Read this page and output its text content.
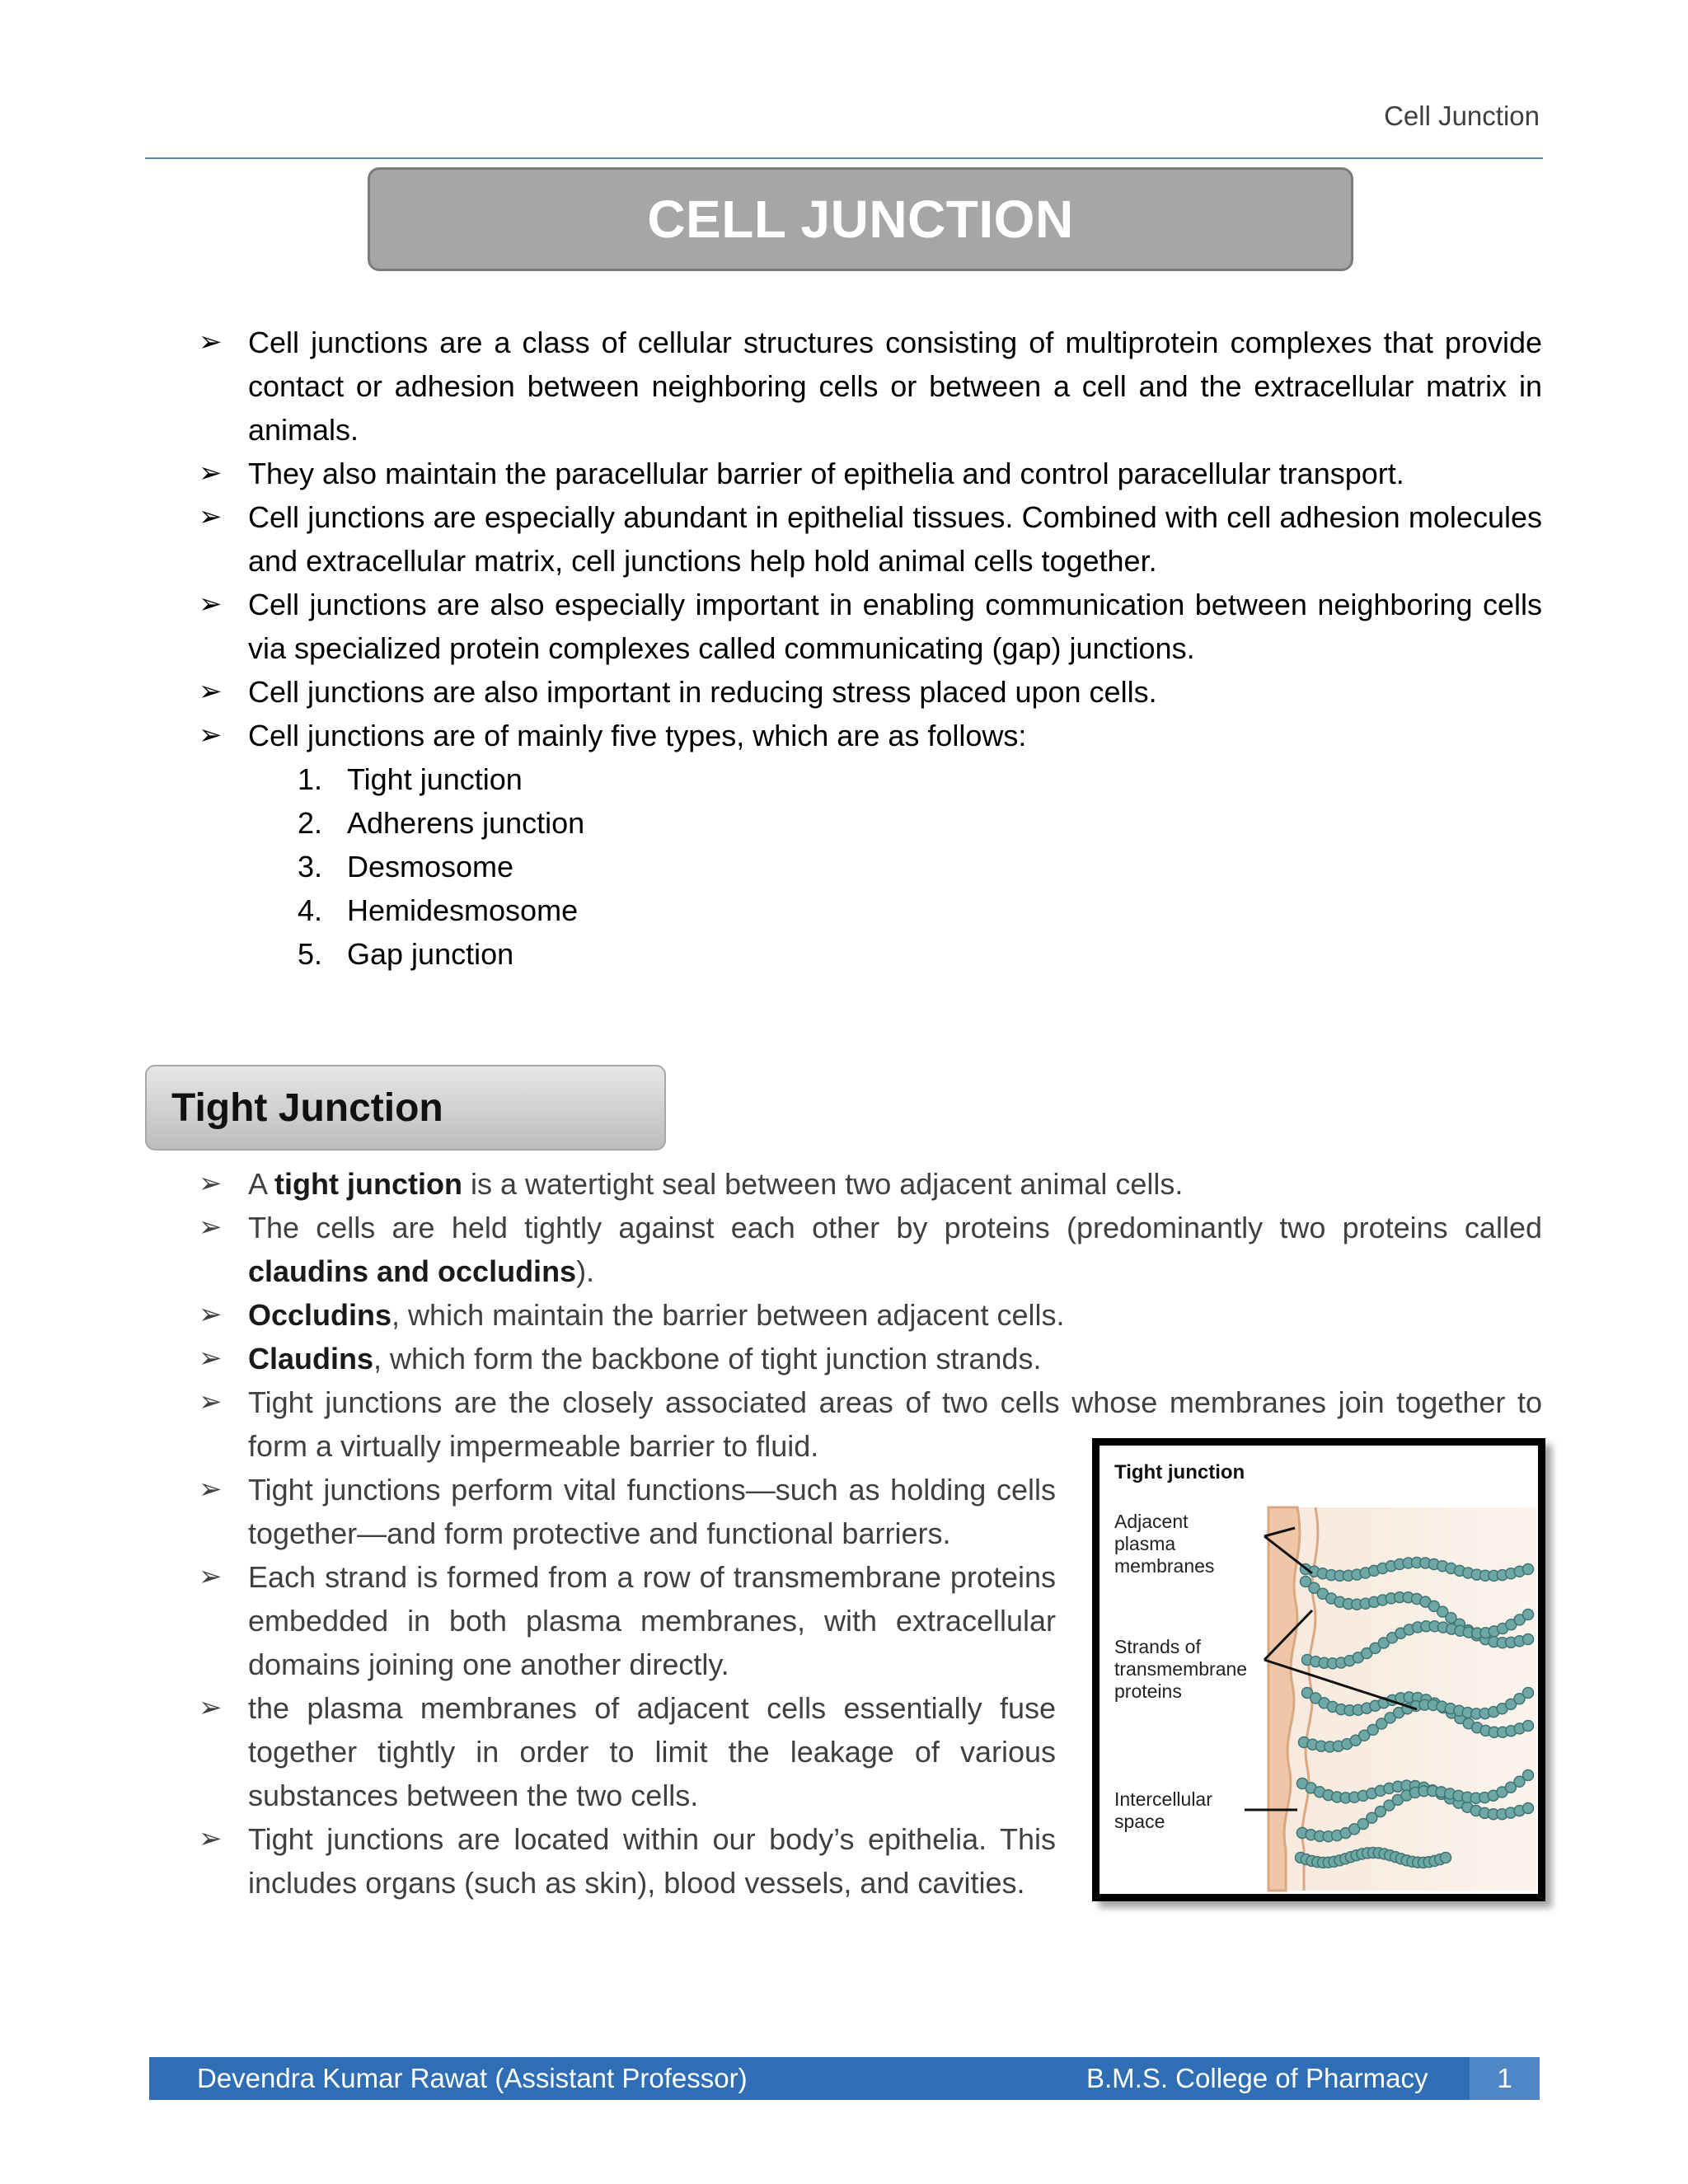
Cell Junction
CELL JUNCTION
➢ Cell junctions are a class of cellular structures consisting of multiprotein complexes that provide contact or adhesion between neighboring cells or between a cell and the extracellular matrix in animals.
➢ They also maintain the paracellular barrier of epithelia and control paracellular transport.
➢ Cell junctions are especially abundant in epithelial tissues. Combined with cell adhesion molecules and extracellular matrix, cell junctions help hold animal cells together.
➢ Cell junctions are also especially important in enabling communication between neighboring cells via specialized protein complexes called communicating (gap) junctions.
➢ Cell junctions are also important in reducing stress placed upon cells.
➢ Cell junctions are of mainly five types, which are as follows:
1. Tight junction
2. Adherens junction
3. Desmosome
4. Hemidesmosome
5. Gap junction
Tight Junction
➢ A tight junction is a watertight seal between two adjacent animal cells.
➢ The cells are held tightly against each other by proteins (predominantly two proteins called claudins and occludins).
➢ Occludins, which maintain the barrier between adjacent cells.
➢ Claudins, which form the backbone of tight junction strands.
➢ Tight junctions are the closely associated areas of two cells whose membranes join together to form a virtually impermeable barrier to fluid.
➢ Tight junctions perform vital functions—such as holding cells together—and form protective and functional barriers.
➢ Each strand is formed from a row of transmembrane proteins embedded in both plasma membranes, with extracellular domains joining one another directly.
➢ the plasma membranes of adjacent cells essentially fuse together tightly in order to limit the leakage of various substances between the two cells.
➢ Tight junctions are located within our body’s epithelia. This includes organs (such as skin), blood vessels, and cavities.
Tight junction
Adjacent plasma membranes
Strands of transmembrane proteins
Intercellular space
Devendra Kumar Rawat (Assistant Professor)	B.M.S. College of Pharmacy	1
